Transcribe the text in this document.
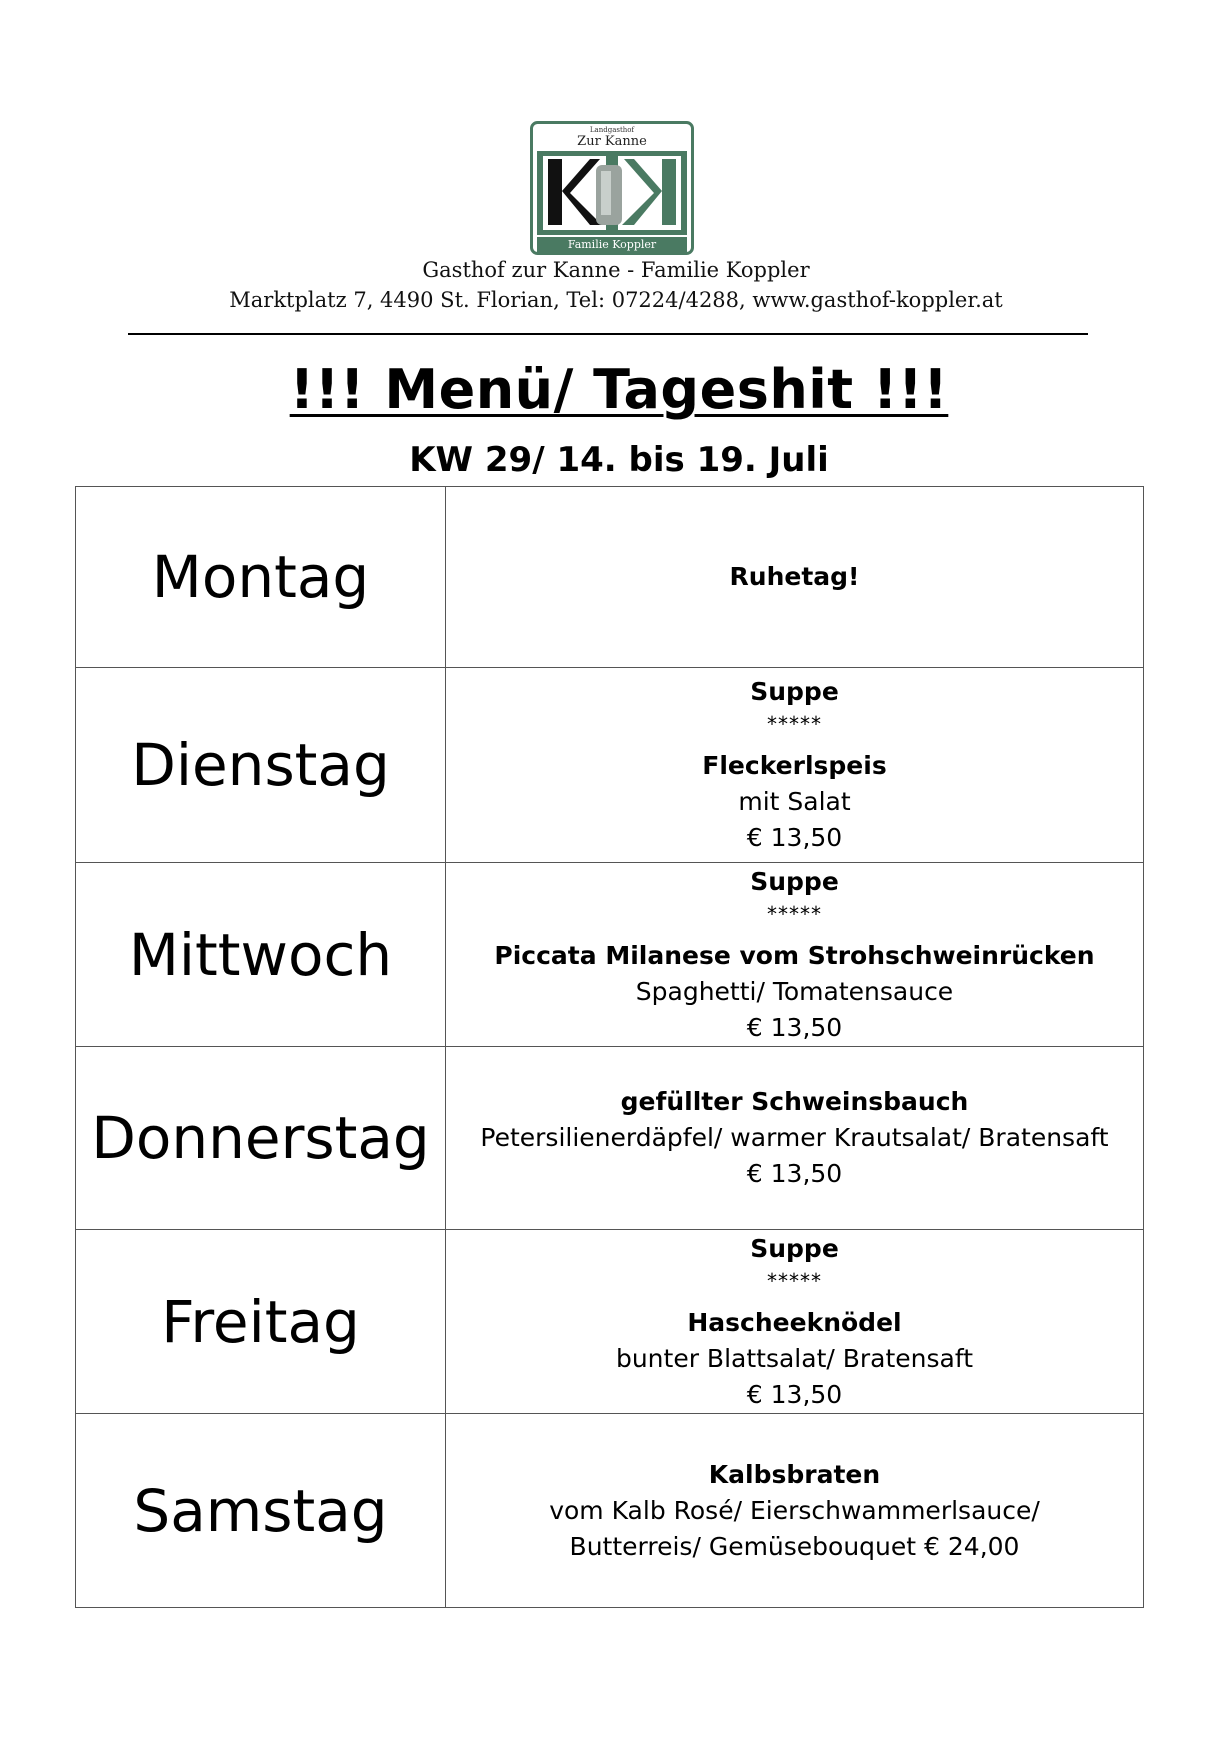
Landgasthof
Zur Kanne
Familie Koppler
Gasthof zur Kanne - Familie Koppler
Marktplatz 7, 4490 St. Florian, Tel: 07224/4288, www.gasthof-koppler.at
!!! Menü/ Tageshit !!!
KW 29/ 14. bis 19. Juli
Montag	Ruhetag!

Dienstag	Suppe
*****
Fleckerlspeis
mit Salat
€ 13,50

Mittwoch	Suppe
*****
Piccata Milanese vom Strohschweinrücken
Spaghetti/ Tomatensauce
€ 13,50

Donnerstag	gefüllter Schweinsbauch
Petersilienerdäpfel/ warmer Krautsalat/ Bratensaft
€ 13,50

Freitag	Suppe
*****
Hascheeknödel
bunter Blattsalat/ Bratensaft
€ 13,50

Samstag	Kalbsbraten
vom Kalb Rosé/ Eierschwammerlsauce/
Butterreis/ Gemüsebouquet € 24,00
